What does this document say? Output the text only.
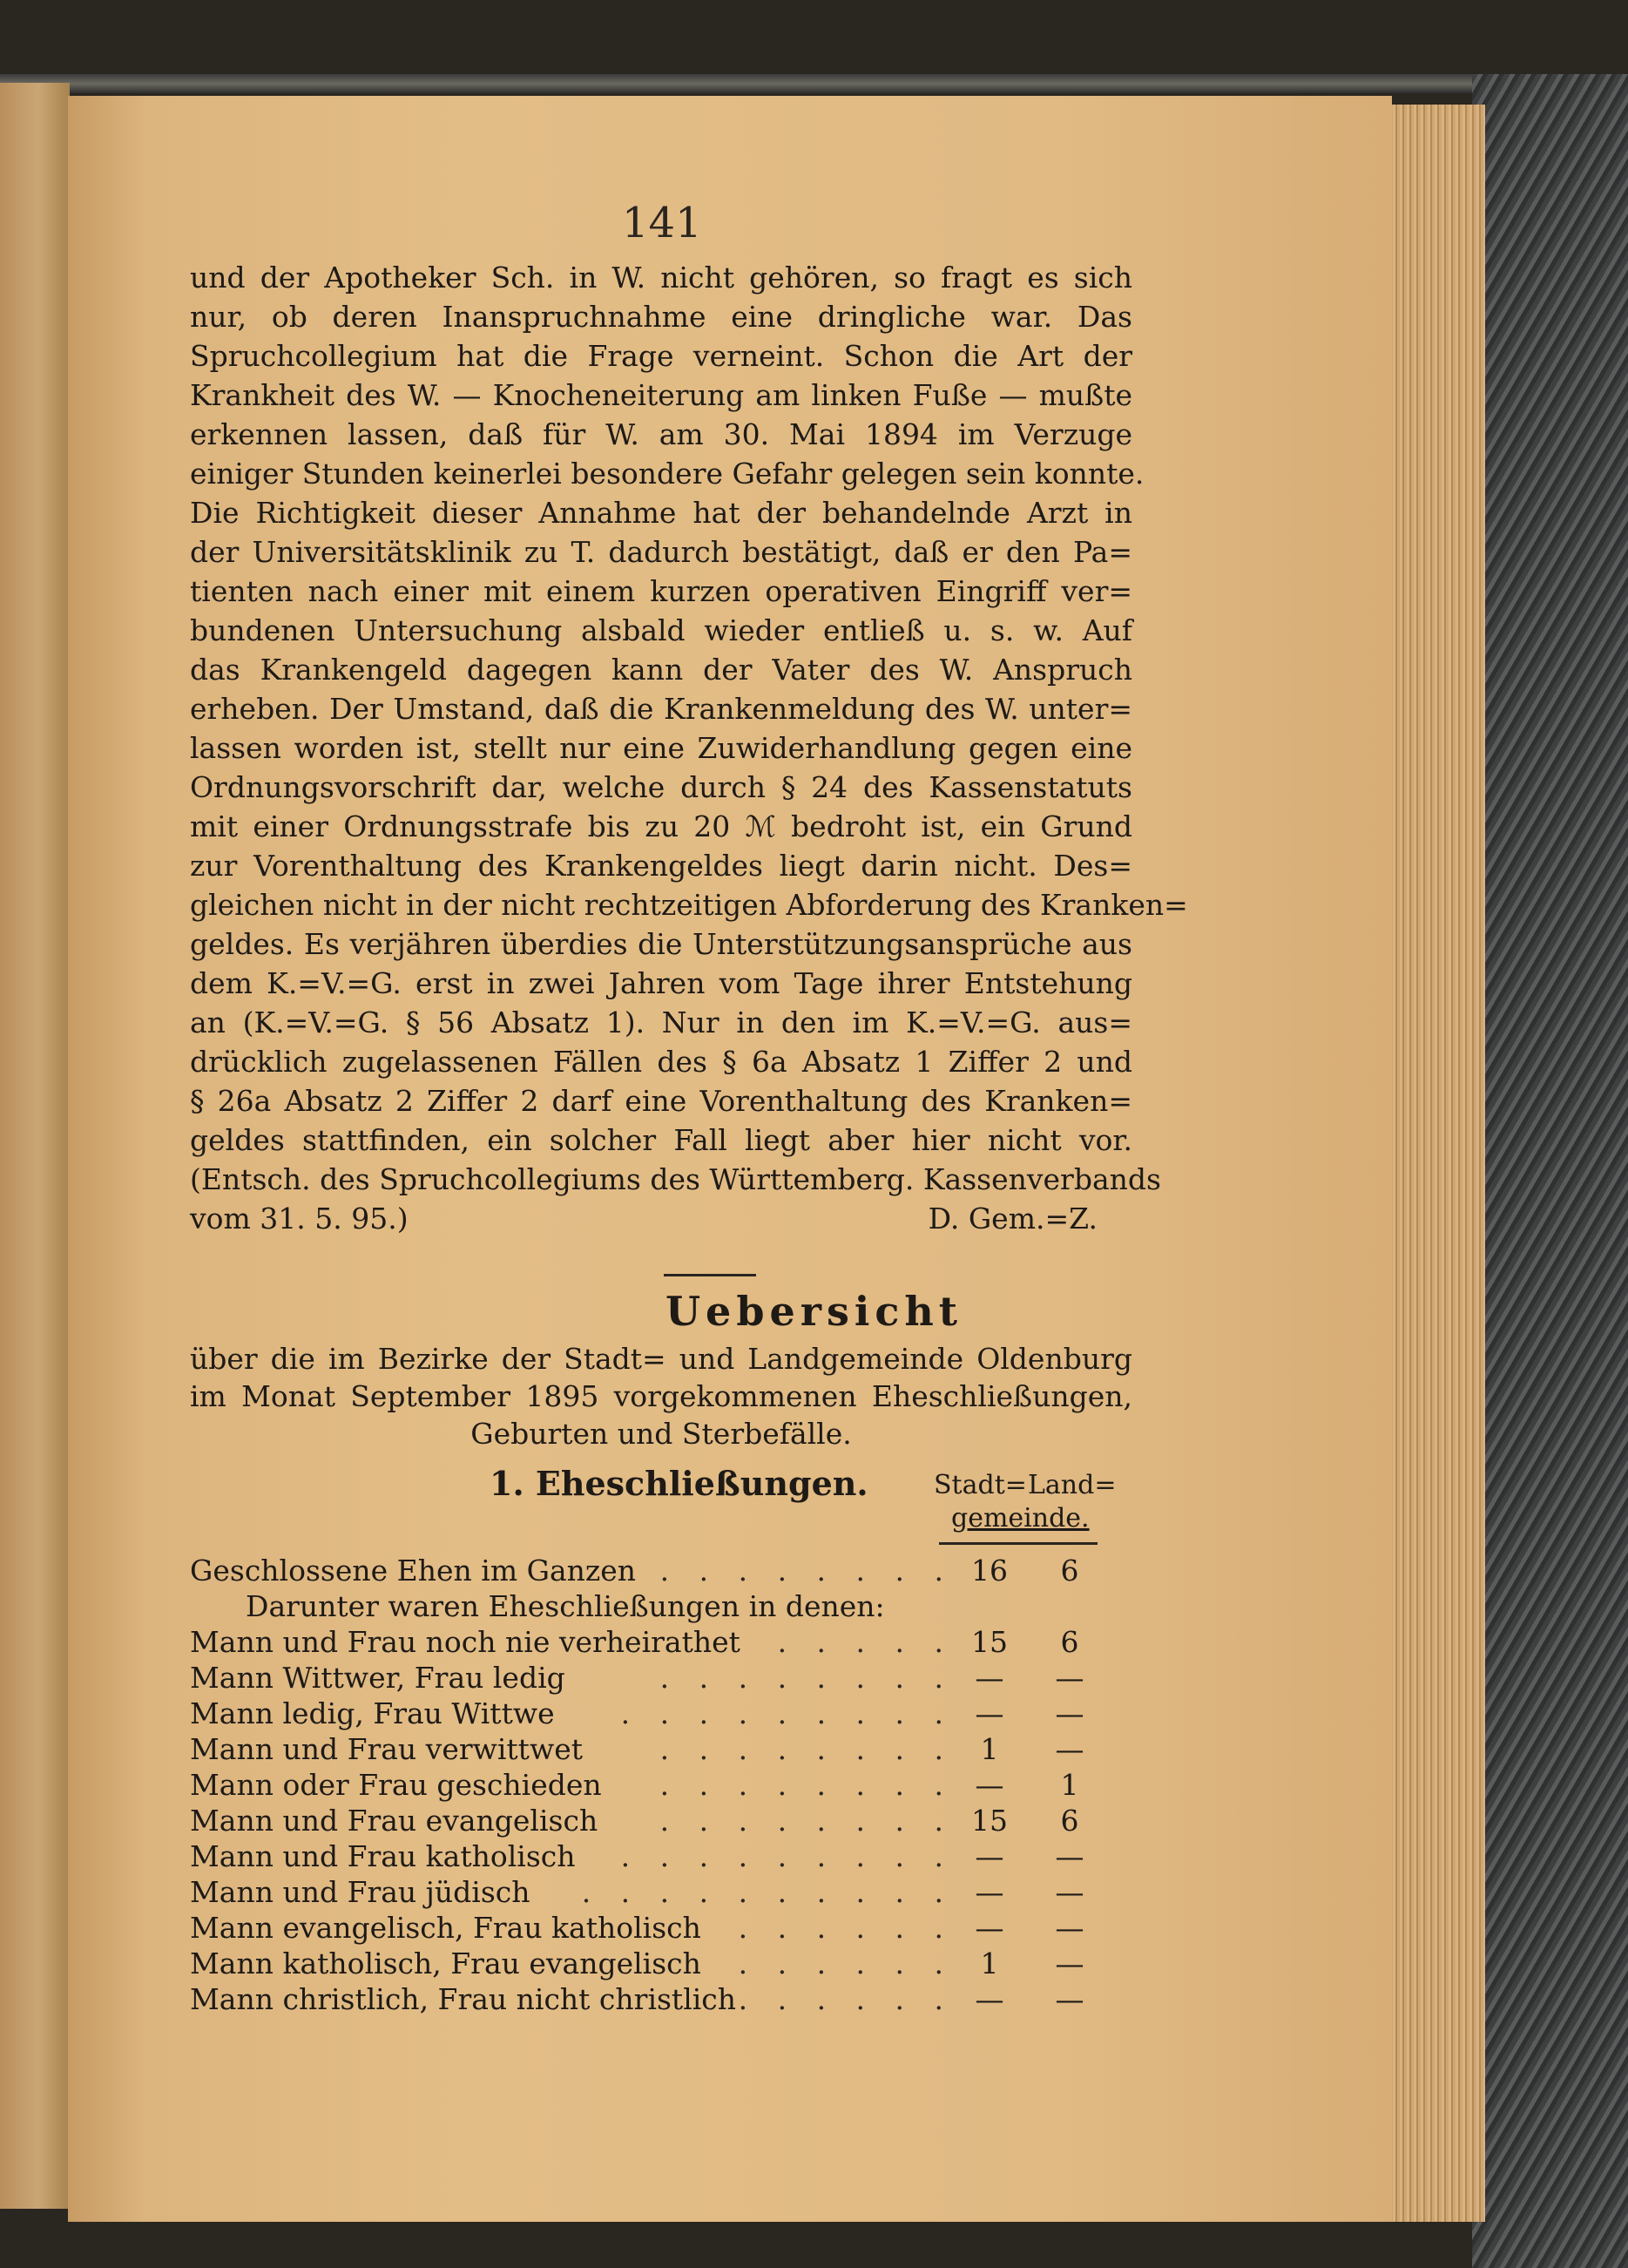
141
und der Apotheker Sch. in W. nicht gehören, so fragt es sich
nur, ob deren Inanspruchnahme eine dringliche war. Das
Spruchcollegium hat die Frage verneint. Schon die Art der
Krankheit des W. — Knocheneiterung am linken Fuße — mußte
erkennen lassen, daß für W. am 30. Mai 1894 im Verzuge
einiger Stunden keinerlei besondere Gefahr gelegen sein konnte.
Die Richtigkeit dieser Annahme hat der behandelnde Arzt in
der Universitätsklinik zu T. dadurch bestätigt, daß er den Pa=
tienten nach einer mit einem kurzen operativen Eingriff ver=
bundenen Untersuchung alsbald wieder entließ u. s. w. Auf
das Krankengeld dagegen kann der Vater des W. Anspruch
erheben. Der Umstand, daß die Krankenmeldung des W. unter=
lassen worden ist, stellt nur eine Zuwiderhandlung gegen eine
Ordnungsvorschrift dar, welche durch § 24 des Kassenstatuts
mit einer Ordnungsstrafe bis zu 20 ℳ bedroht ist, ein Grund
zur Vorenthaltung des Krankengeldes liegt darin nicht. Des=
gleichen nicht in der nicht rechtzeitigen Abforderung des Kranken=
geldes. Es verjähren überdies die Unterstützungsansprüche aus
dem K.=V.=G. erst in zwei Jahren vom Tage ihrer Entstehung
an (K.=V.=G. § 56 Absatz 1). Nur in den im K.=V.=G. aus=
drücklich zugelassenen Fällen des § 6a Absatz 1 Ziffer 2 und
§ 26a Absatz 2 Ziffer 2 darf eine Vorenthaltung des Kranken=
geldes stattfinden, ein solcher Fall liegt aber hier nicht vor.
(Entsch. des Spruchcollegiums des Württemberg. Kassenverbands
vom 31. 5. 95.)	D. Gem.=Z.
Uebersicht
über die im Bezirke der Stadt= und Landgemeinde Oldenburg
im Monat September 1895 vorgekommenen Eheschließungen,
Geburten und Sterbefälle.
1. Eheschließungen.	Stadt= Land=
gemeinde.
Geschlossene Ehen im Ganzen . . . . . . . . 16	6
Darunter waren Eheschließungen in denen:
Mann und Frau noch nie verheirathet . . . . . 15	6
Mann Wittwer, Frau ledig	. . . . . . . . —	—
Mann ledig, Frau Wittwe . . . . . . . . . —	—
Mann und Frau verwittwet	. . . . . . . . 1	—
Mann oder Frau geschieden . . . . . . . . —	1
Mann und Frau evangelisch . . . . . . . . 15	6
Mann und Frau katholisch . . . . . . . . . —	—
Mann und Frau jüdisch . . . . . . . . . . —	—
Mann evangelisch, Frau katholisch . . . . . . —	—
Mann katholisch, Frau evangelisch . . . . . . 1	—
Mann christlich, Frau nicht christlich . . . . . . —	—
